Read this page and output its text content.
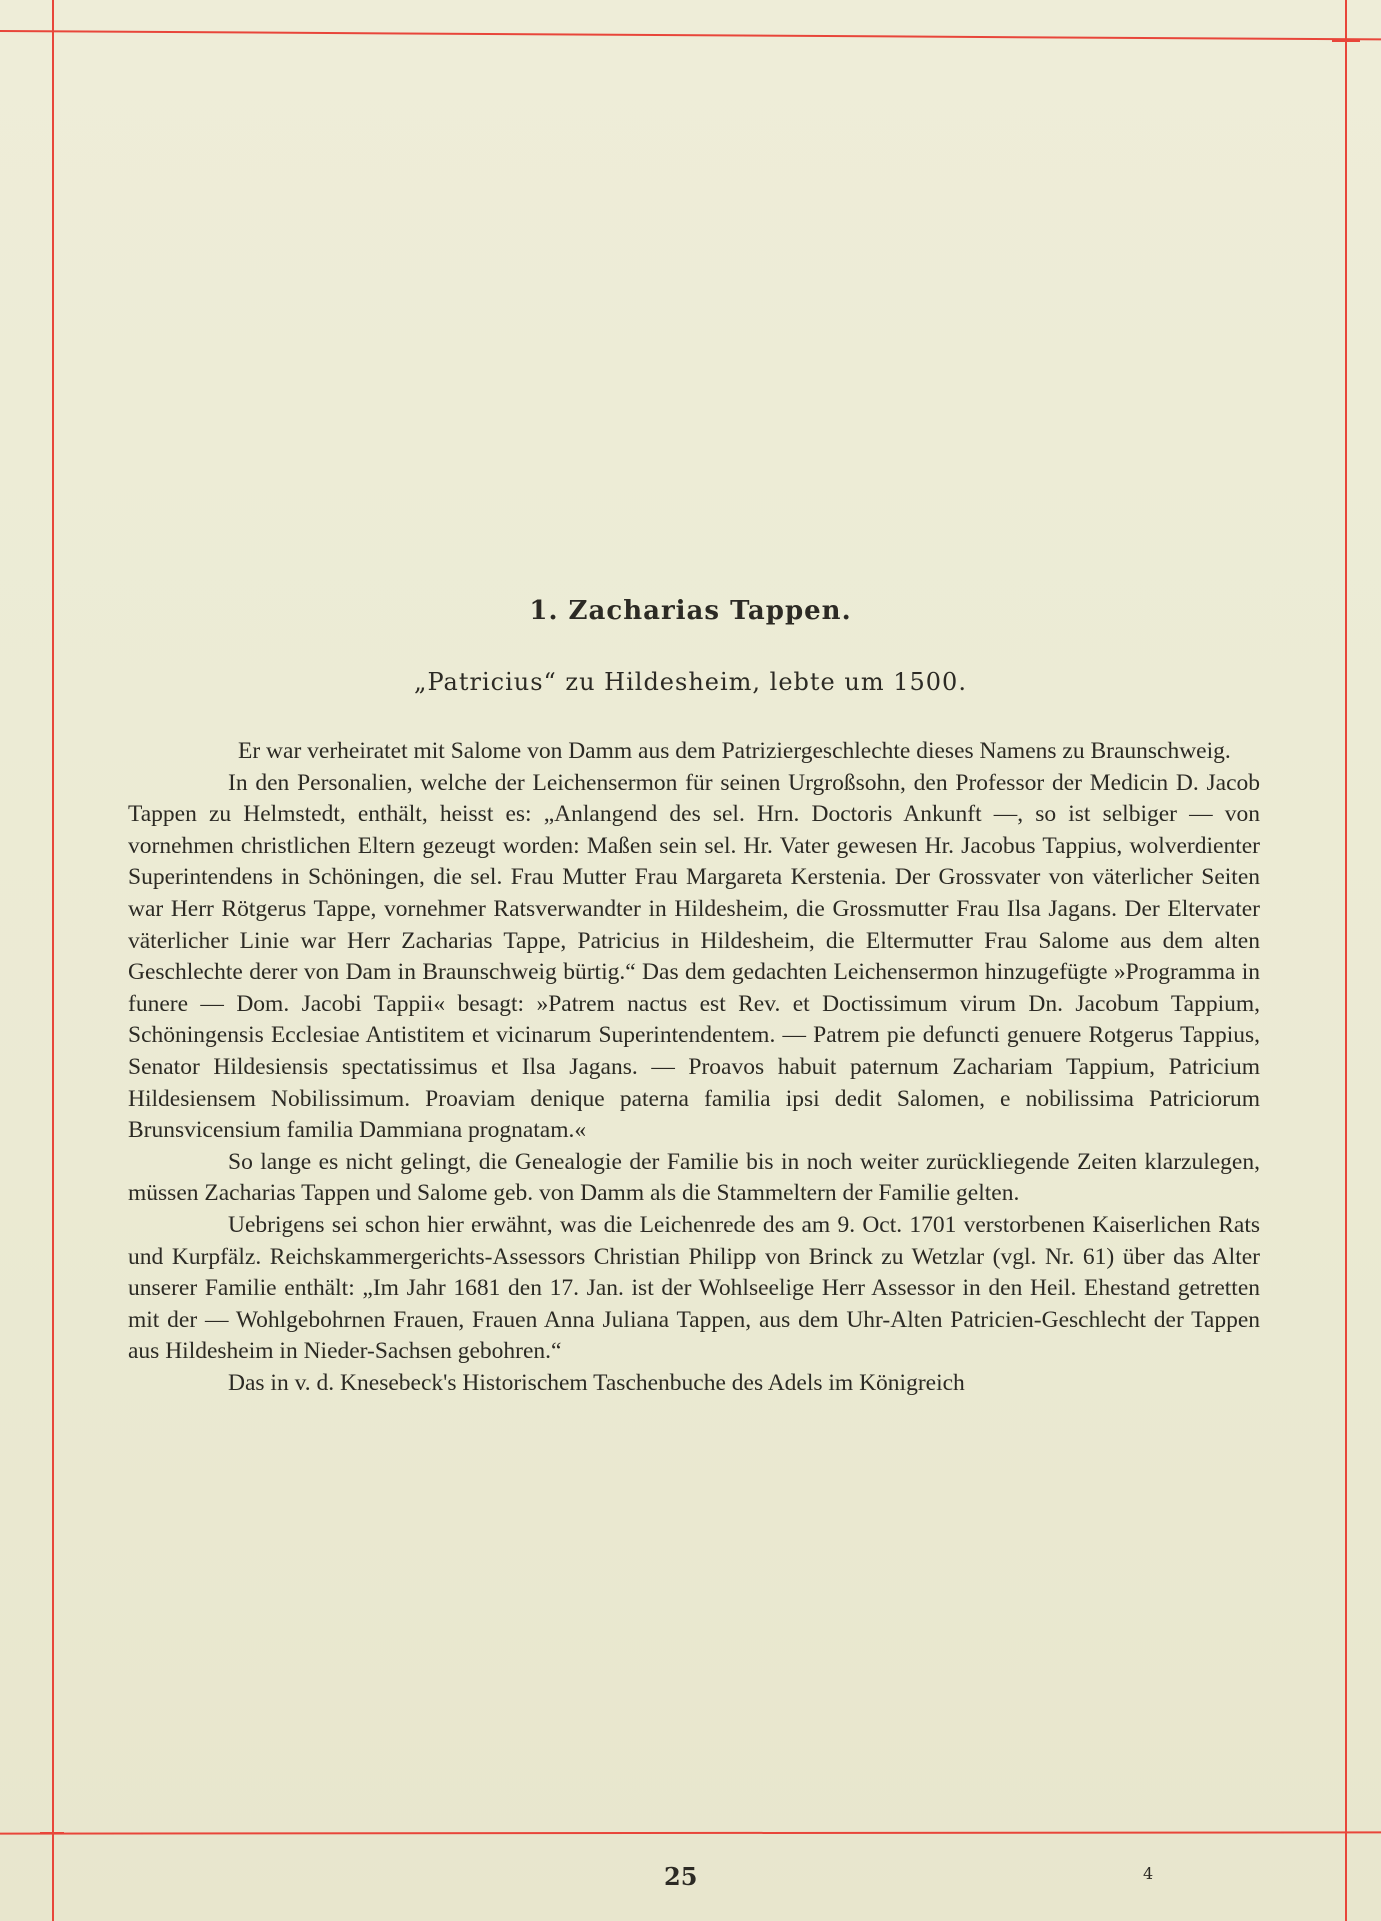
1. Zacharias Tappen.
„Patricius“ zu Hildesheim, lebte um 1500.

Er war verheiratet mit Salome von Damm aus dem Patriziergeschlechte dieses Namens zu Braunschweig.

In den Personalien, welche der Leichensermon für seinen Urgroßsohn, den Professor der Medicin D. Jacob Tappen zu Helmstedt, enthält, heisst es: „Anlangend des sel. Hrn. Doctoris Ankunft —, so ist selbiger — von vornehmen christlichen Eltern gezeugt worden: Maßen sein sel. Hr. Vater gewesen Hr. Jacobus Tappius, wolverdienter Superintendens in Schöningen, die sel. Frau Mutter Frau Margareta Kerstenia. Der Grossvater von väterlicher Seiten war Herr Rötgerus Tappe, vornehmer Ratsverwandter in Hildesheim, die Grossmutter Frau Ilsa Jagans. Der Eltervater väterlicher Linie war Herr Zacharias Tappe, Patricius in Hildesheim, die Eltermutter Frau Salome aus dem alten Geschlechte derer von Dam in Braunschweig bürtig.“ Das dem gedachten Leichensermon hinzugefügte »Programma in funere — Dom. Jacobi Tappii« besagt: »Patrem nactus est Rev. et Doctissimum virum Dn. Jacobum Tappium, Schöningensis Ecclesiae Antistitem et vicinarum Superintendentem. — Patrem pie defuncti genuere Rotgerus Tappius, Senator Hildesiensis spectatissimus et Ilsa Jagans. — Proavos habuit paternum Zachariam Tappium, Patricium Hildesiensem Nobilissimum. Proaviam denique paterna familia ipsi dedit Salomen, e nobilissima Patriciorum Brunsvicensium familia Dammiana prognatam.«

So lange es nicht gelingt, die Genealogie der Familie bis in noch weiter zurückliegende Zeiten klarzulegen, müssen Zacharias Tappen und Salome geb. von Damm als die Stammeltern der Familie gelten.

Uebrigens sei schon hier erwähnt, was die Leichenrede des am 9. Oct. 1701 verstorbenen Kaiserlichen Rats und Kurpfälz. Reichskammergerichts-Assessors Christian Philipp von Brinck zu Wetzlar (vgl. Nr. 61) über das Alter unserer Familie enthält: „Im Jahr 1681 den 17. Jan. ist der Wohlseelige Herr Assessor in den Heil. Ehestand getretten mit der — Wohlgebohrnen Frauen, Frauen Anna Juliana Tappen, aus dem Uhr-Alten Patricien-Geschlecht der Tappen aus Hildesheim in Nieder-Sachsen gebohren.“

Das in v. d. Knesebeck's Historischem Taschenbuche des Adels im Königreich

25	4
